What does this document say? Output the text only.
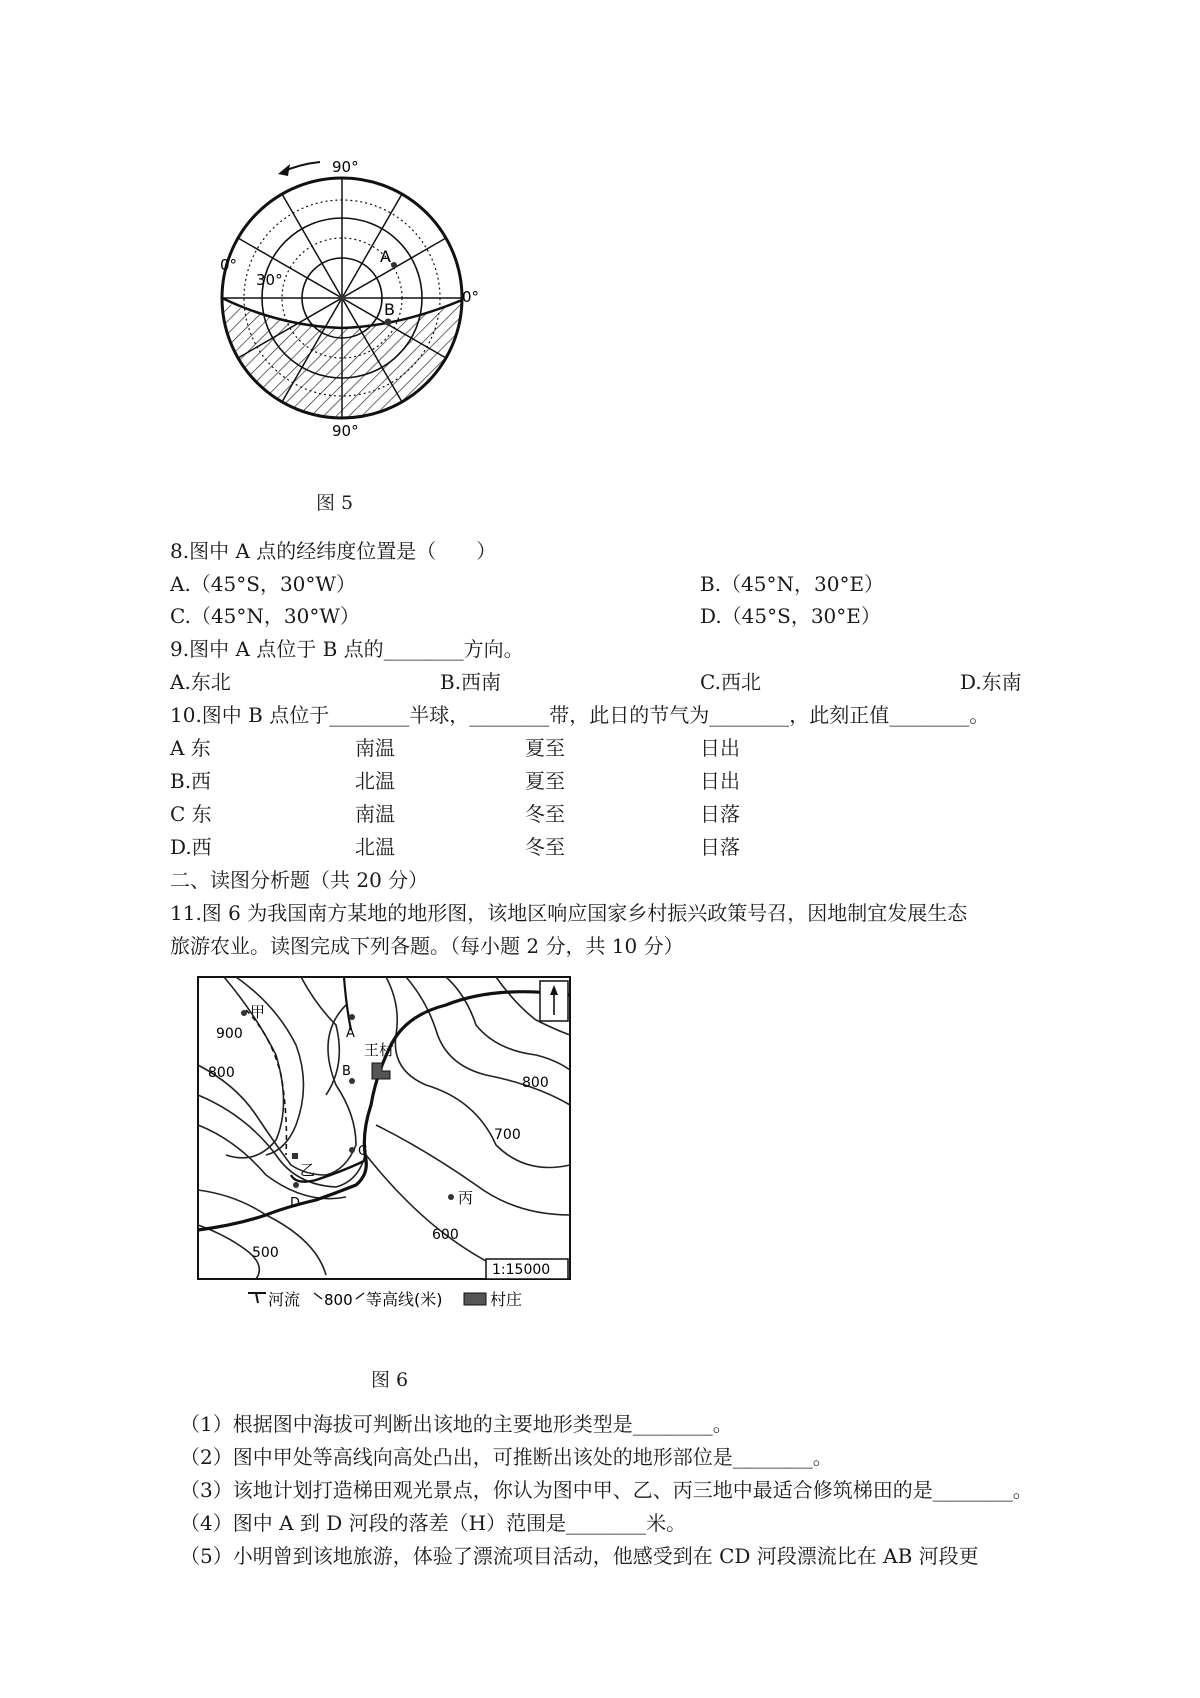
90°
90°
0°
0°
30°
A
B
图 5
8.图中 A 点的经纬度位置是（　　）
A.（45°S，30°W）	B.（45°N，30°E）
C.（45°N，30°W）	D.（45°S，30°E）
9.图中 A 点位于 B 点的________方向。
A.东北	B.西南	C.西北	D.东南
10.图中 B 点位于________半球，________带，此日的节气为________，此刻正值________。
A 东	南温	夏至	日出
B.西	北温	夏至	日出
C 东	南温	冬至	日落
D.西	北温	冬至	日落
二、读图分析题（共 20 分）
11.图 6 为我国南方某地的地形图，该地区响应国家乡村振兴政策号召，因地制宜发展生态
旅游农业。读图完成下列各题。（每小题 2 分，共 10 分）
1:15000
甲
乙
丙
王村
A
B
C
D
900
800
800
700
600
500
河流 800 等高线(米)	村庄
图 6
（1）根据图中海拔可判断出该地的主要地形类型是________。
（2）图中甲处等高线向高处凸出，可推断出该处的地形部位是________。
（3）该地计划打造梯田观光景点，你认为图中甲、乙、丙三地中最适合修筑梯田的是________。
（4）图中 A 到 D 河段的落差（H）范围是________米。
（5）小明曾到该地旅游，体验了漂流项目活动，他感受到在 CD 河段漂流比在 AB 河段更
